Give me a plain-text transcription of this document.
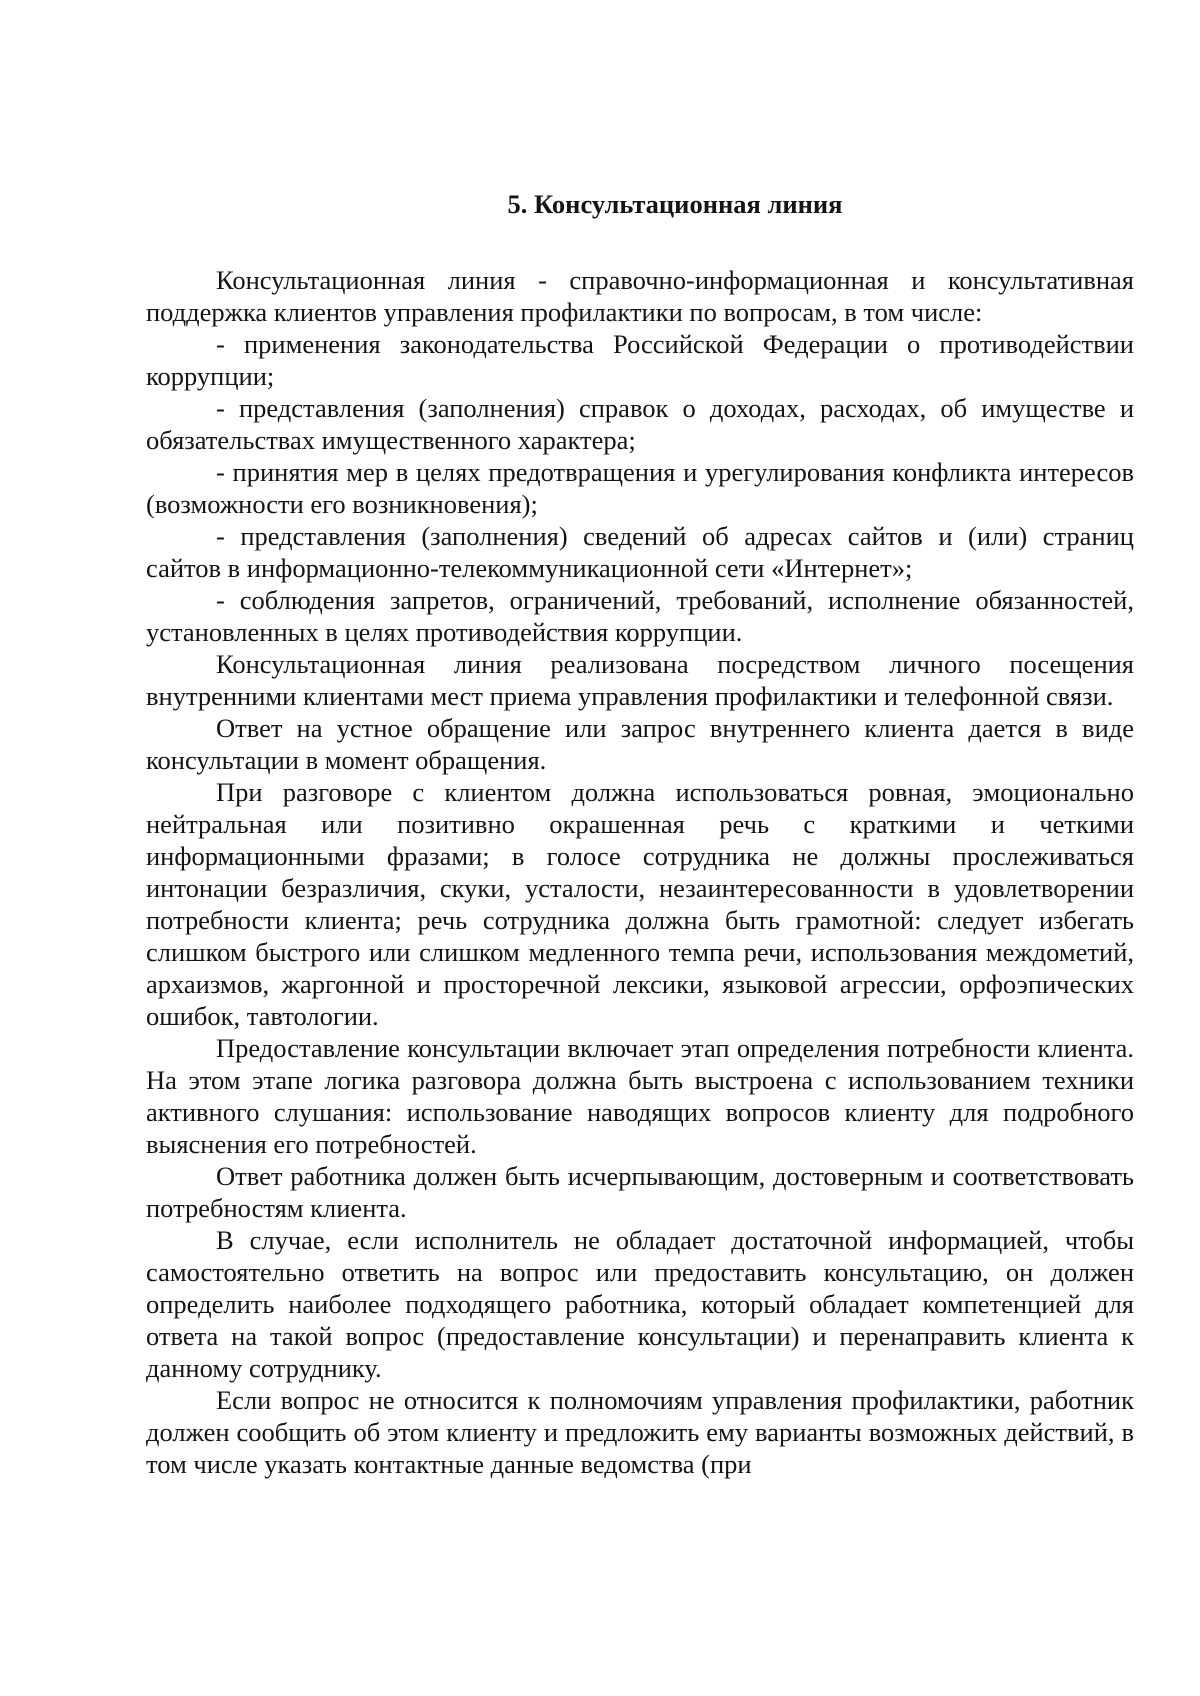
5. Консультационная линия

Консультационная линия - справочно-информационная и консультативная поддержка клиентов управления профилактики по вопросам, в том числе:

- применения законодательства Российской Федерации о противодействии коррупции;

- представления (заполнения) справок о доходах, расходах, об имуществе и обязательствах имущественного характера;

- принятия мер в целях предотвращения и урегулирования конфликта интересов (возможности его возникновения);

- представления (заполнения) сведений об адресах сайтов и (или) страниц сайтов в информационно-телекоммуникационной сети «Интернет»;

- соблюдения запретов, ограничений, требований, исполнение обязанностей, установленных в целях противодействия коррупции.

Консультационная линия реализована посредством личного посещения внутренними клиентами мест приема управления профилактики и телефонной связи.

Ответ на устное обращение или запрос внутреннего клиента дается в виде консультации в момент обращения.

При разговоре с клиентом должна использоваться ровная, эмоционально нейтральная или позитивно окрашенная речь с краткими и четкими информационными фразами; в голосе сотрудника не должны прослеживаться интонации безразличия, скуки, усталости, незаинтересованности в удовлетворении потребности клиента; речь сотрудника должна быть грамотной: следует избегать слишком быстрого или слишком медленного темпа речи, использования междометий, архаизмов, жаргонной и просторечной лексики, языковой агрессии, орфоэпических ошибок, тавтологии.

Предоставление консультации включает этап определения потребности клиента. На этом этапе логика разговора должна быть выстроена с использованием техники активного слушания: использование наводящих вопросов клиенту для подробного выяснения его потребностей.

Ответ работника должен быть исчерпывающим, достоверным и соответствовать потребностям клиента.

В случае, если исполнитель не обладает достаточной информацией, чтобы самостоятельно ответить на вопрос или предоставить консультацию, он должен определить наиболее подходящего работника, который обладает компетенцией для ответа на такой вопрос (предоставление консультации) и перенаправить клиента к данному сотруднику.

Если вопрос не относится к полномочиям управления профилактики, работник должен сообщить об этом клиенту и предложить ему варианты возможных действий, в том числе указать контактные данные ведомства (при
